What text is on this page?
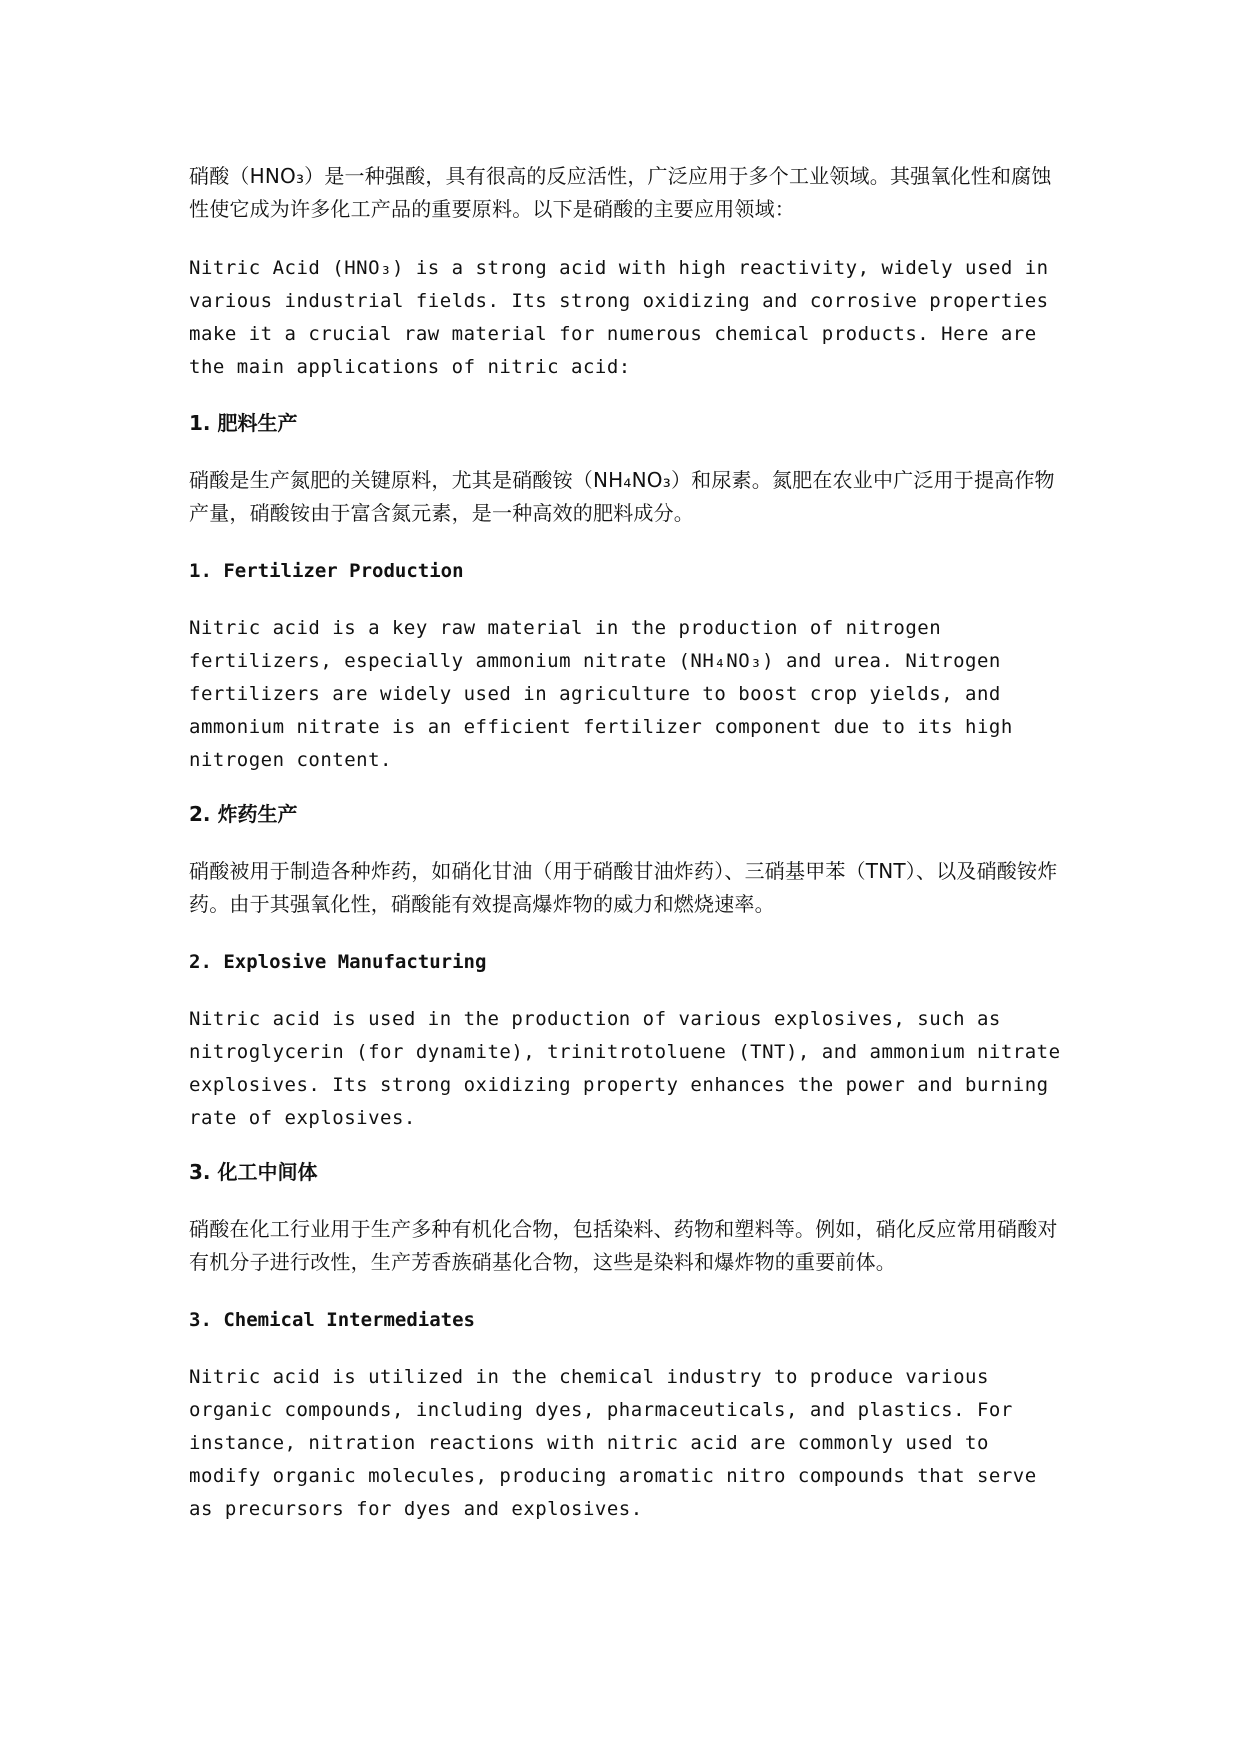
硝酸（HNO₃）是一种强酸，具有很高的反应活性，广泛应用于多个工业领域。其强氧化性和腐蚀性使它成为许多化工产品的重要原料。以下是硝酸的主要应用领域：

Nitric Acid (HNO₃) is a strong acid with high reactivity, widely used in various industrial fields. Its strong oxidizing and corrosive properties make it a crucial raw material for numerous chemical products. Here are the main applications of nitric acid:

1. 肥料生产

硝酸是生产氮肥的关键原料，尤其是硝酸铵（NH₄NO₃）和尿素。氮肥在农业中广泛用于提高作物产量，硝酸铵由于富含氮元素，是一种高效的肥料成分。

1. Fertilizer Production

Nitric acid is a key raw material in the production of nitrogen fertilizers, especially ammonium nitrate (NH₄NO₃) and urea. Nitrogen fertilizers are widely used in agriculture to boost crop yields, and ammonium nitrate is an efficient fertilizer component due to its high nitrogen content.

2. 炸药生产

硝酸被用于制造各种炸药，如硝化甘油（用于硝酸甘油炸药）、三硝基甲苯（TNT）、以及硝酸铵炸药。由于其强氧化性，硝酸能有效提高爆炸物的威力和燃烧速率。

2. Explosive Manufacturing

Nitric acid is used in the production of various explosives, such as nitroglycerin (for dynamite), trinitrotoluene (TNT), and ammonium nitrate explosives. Its strong oxidizing property enhances the power and burning rate of explosives.

3. 化工中间体

硝酸在化工行业用于生产多种有机化合物，包括染料、药物和塑料等。例如，硝化反应常用硝酸对有机分子进行改性，生产芳香族硝基化合物，这些是染料和爆炸物的重要前体。

3. Chemical Intermediates

Nitric acid is utilized in the chemical industry to produce various organic compounds, including dyes, pharmaceuticals, and plastics. For instance, nitration reactions with nitric acid are commonly used to modify organic molecules, producing aromatic nitro compounds that serve as precursors for dyes and explosives.
